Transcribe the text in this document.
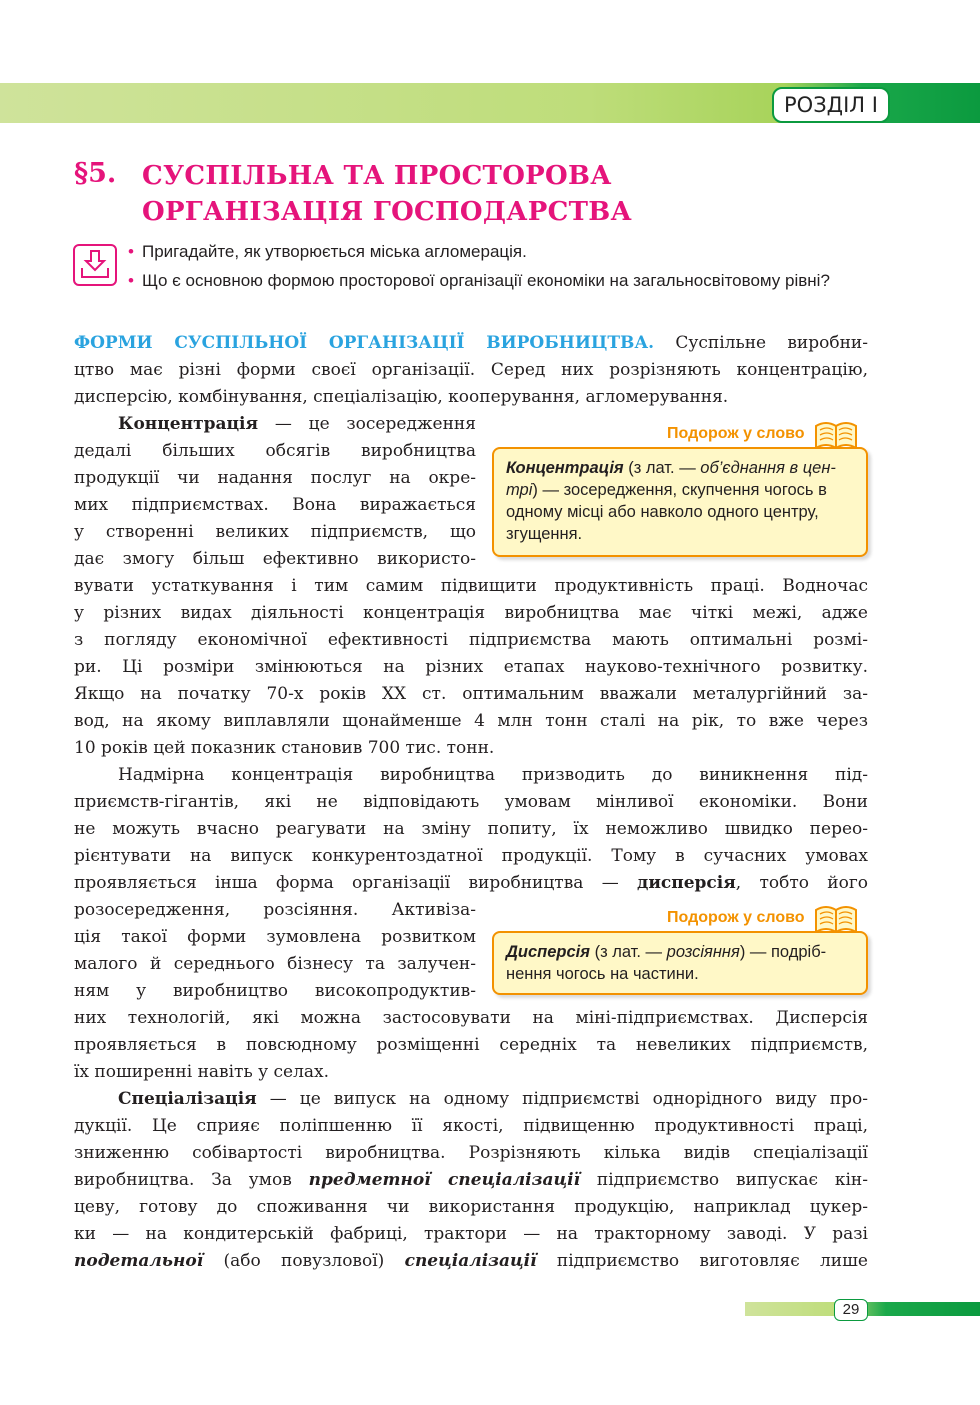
РОЗДІЛ І
§5. СУСПІЛЬНА ТА ПРОСТОРОВА ОРГАНІЗАЦІЯ ГОСПОДАРСТВА
• Пригадайте, як утворюється міська агломерація.
• Що є основною формою просторової організації економіки на загальносвітовому рівні?
ФОРМИ СУСПІЛЬНОЇ ОРГАНІЗАЦІЇ ВИРОБНИЦТВА. Суспільне виробни-
цтво має різні форми своєї організації. Серед них розрізняють концентрацію,
дисперсію, комбінування, спеціалізацію, кооперування, агломерування.
Концентрація — це зосередження
дедалі більших обсягів виробництва
продукції чи надання послуг на окре-
мих підприємствах. Вона виражається
у створенні великих підприємств, що
дає змогу більш ефективно використо-
вувати устаткування і тим самим підвищити продуктивність праці. Водночас
у різних видах діяльності концентрація виробництва має чіткі межі, адже
з погляду економічної ефективності підприємства мають оптимальні розмі-
ри. Ці розміри змінюються на різних етапах науково-технічного розвитку.
Якщо на початку 70-х років ХХ ст. оптимальним вважали металургійний за-
вод, на якому виплавляли щонайменше 4 млн тонн сталі на рік, то вже через
10 років цей показник становив 700 тис. тонн.
Подорож у слово
Концентрація (з лат. — об’єднання в цен-
трі) — зосередження, скупчення чогось в
одному місці або навколо одного центру,
згущення.
Надмірна концентрація виробництва призводить до виникнення під-
приємств-гігантів, які не відповідають умовам мінливої економіки. Вони
не можуть вчасно реагувати на зміну попиту, їх неможливо швидко перео-
рієнтувати на випуск конкурентоздатної продукції. Тому в сучасних умовах
проявляється інша форма організації виробництва — дисперсія, тобто його
розосередження, розсіяння. Активіза-
ція такої форми зумовлена розвитком
малого й середнього бізнесу та залучен-
ням у виробництво високопродуктив-
них технологій, які можна застосовувати на міні-підприємствах. Дисперсія
проявляється в повсюдному розміщенні середніх та невеликих підприємств,
їх поширенні навіть у селах.
Подорож у слово
Дисперсія (з лат. — розсіяння) — подріб-
нення чогось на частини.
Спеціалізація — це випуск на одному підприємстві однорідного виду про-
дукції. Це сприяє поліпшенню її якості, підвищенню продуктивності праці,
зниженню собівартості виробництва. Розрізняють кілька видів спеціалізації
виробництва. За умов предметної спеціалізації підприємство випускає кін-
цеву, готову до споживання чи використання продукцію, наприклад цукер-
ки — на кондитерській фабриці, трактори — на тракторному заводі. У разі
подетальної (або повузлової) спеціалізації підприємство виготовляє лише
29
